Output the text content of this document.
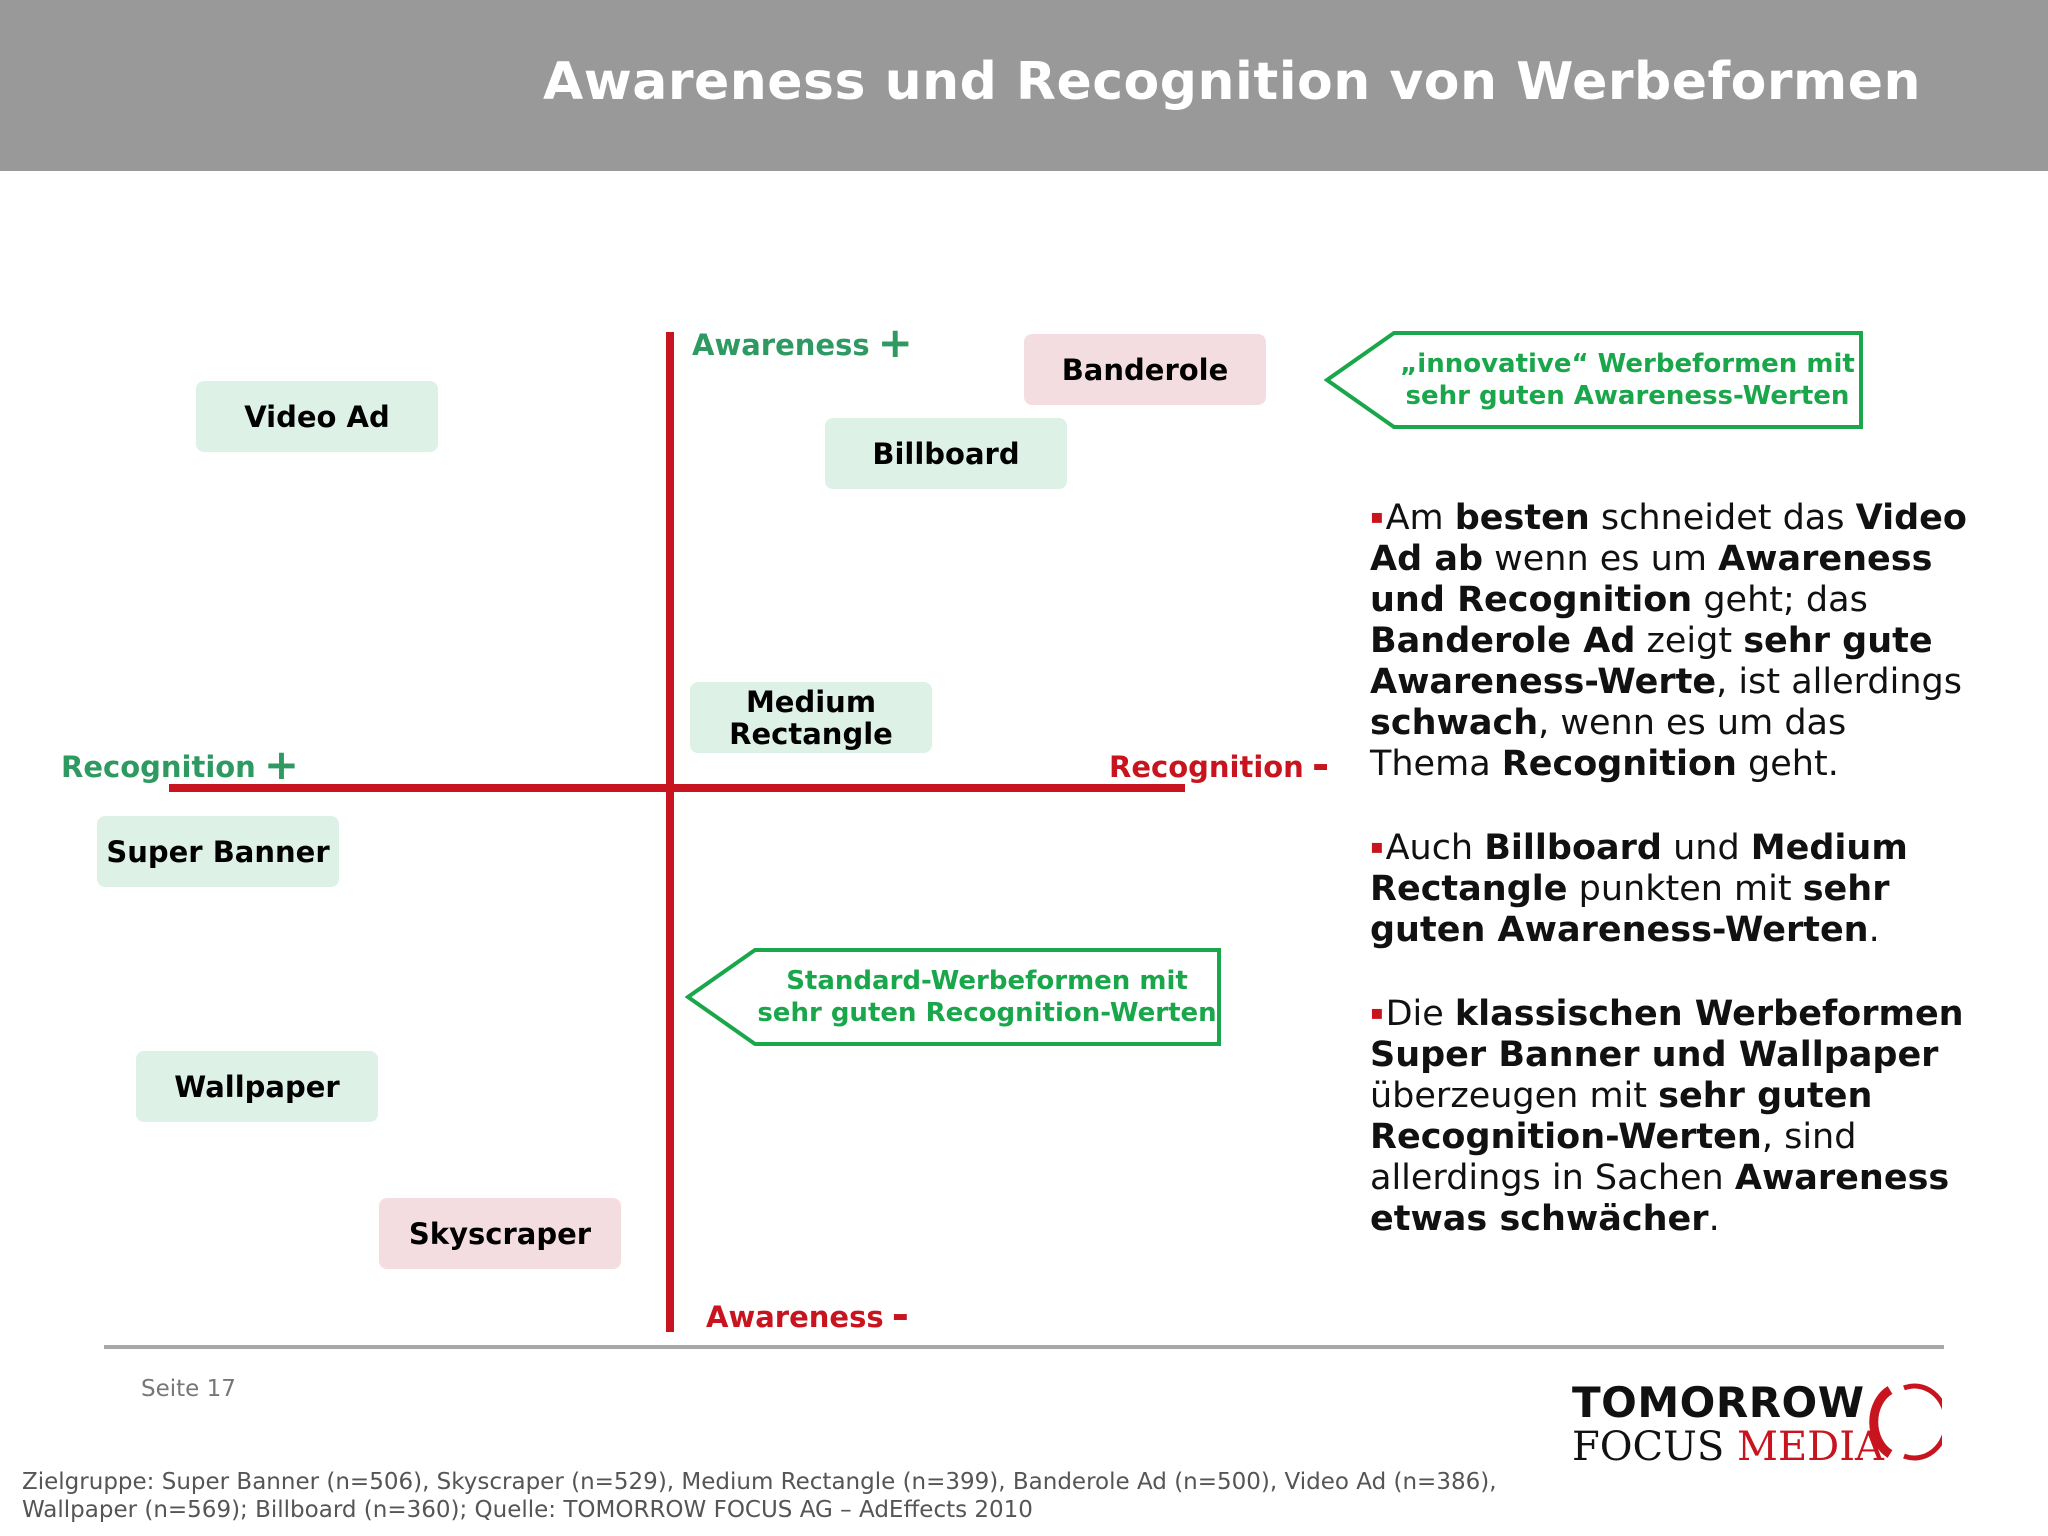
Awareness und Recognition von Werbeformen
Awareness +
Awareness -
Recognition +	Recognition -
Video Ad
Banderole
Billboard
Medium
Rectangle
Super Banner
Wallpaper
Skyscraper
„innovative“ Werbeformen mit
sehr guten Awareness-Werten
Standard-Werbeformen mit
sehr guten Recognition-Werten

▪Am besten schneidet das Video Ad ab wenn es um Awareness und Recognition geht; das Banderole Ad zeigt sehr gute Awareness-Werte, ist allerdings schwach, wenn es um das Thema Recognition geht.

▪Auch Billboard und Medium Rectangle punkten mit sehr guten Awareness-Werten.

▪Die klassischen Werbeformen Super Banner und Wallpaper überzeugen mit sehr guten Recognition-Werten, sind allerdings in Sachen Awareness etwas schwächer.

Seite 17	TOMORROW
FOCUS MEDIA
Zielgruppe: Super Banner (n=506), Skyscraper (n=529), Medium Rectangle (n=399), Banderole Ad (n=500), Video Ad (n=386),
Wallpaper (n=569); Billboard (n=360); Quelle: TOMORROW FOCUS AG – AdEffects 2010
